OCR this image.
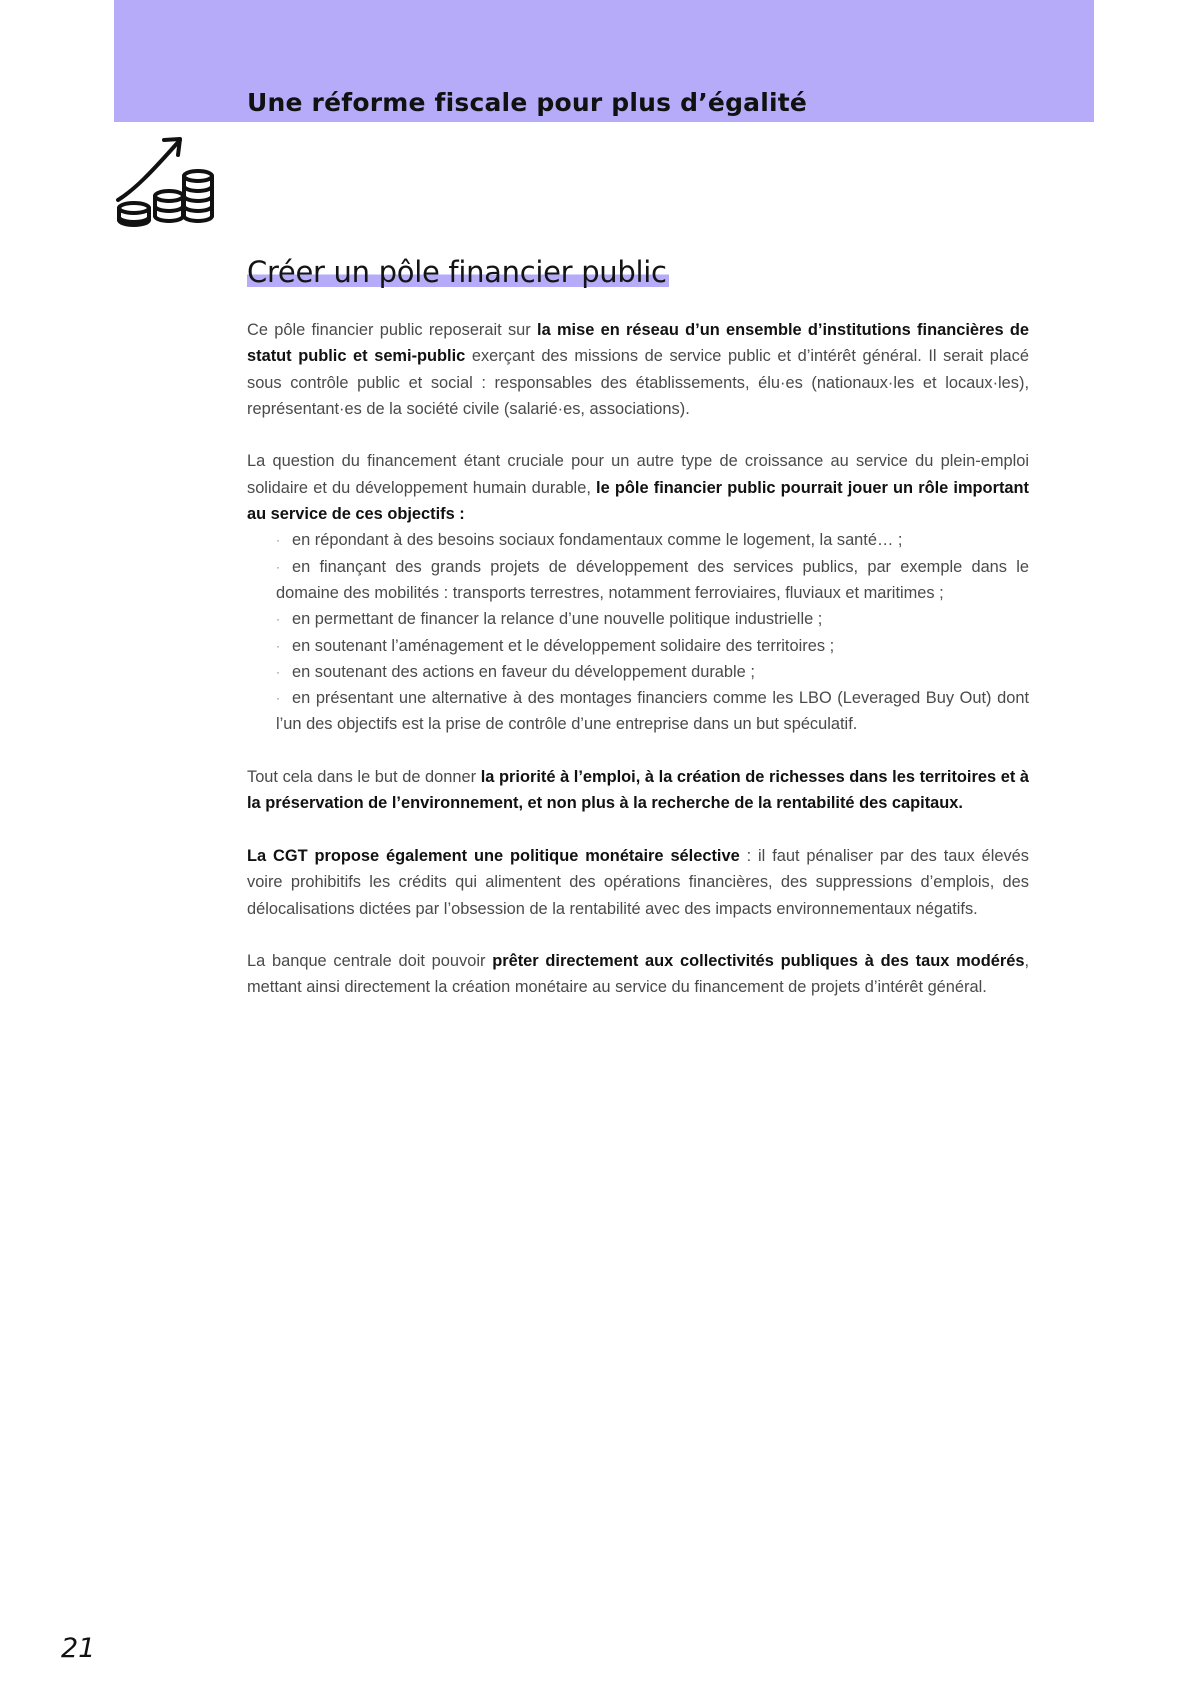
Une réforme fiscale pour plus d’égalité
Créer un pôle financier public

Ce pôle financier public reposerait sur la mise en réseau d’un ensemble d’institutions financières de statut public et semi-public exerçant des missions de service public et d’intérêt général. Il serait placé sous contrôle public et social : responsables des établissements, élu·es (nationaux·les et locaux·les), représentant·es de la société civile (salarié·es, associations).

La question du financement étant cruciale pour un autre type de croissance au service du plein-emploi solidaire et du développement humain durable, le pôle financier public pourrait jouer un rôle important au service de ces objectifs :

· en répondant à des besoins sociaux fondamentaux comme le logement, la santé… ;
· en finançant des grands projets de développement des services publics, par exemple dans le domaine des mobilités : transports terrestres, notamment ferroviaires, fluviaux et maritimes ;
· en permettant de financer la relance d’une nouvelle politique industrielle ;
· en soutenant l’aménagement et le développement solidaire des territoires ;
· en soutenant des actions en faveur du développement durable ;
· en présentant une alternative à des montages financiers comme les LBO (Leveraged Buy Out) dont l’un des objectifs est la prise de contrôle d’une entreprise dans un but spéculatif.

Tout cela dans le but de donner la priorité à l’emploi, à la création de richesses dans les territoires et à la préservation de l’environnement, et non plus à la recherche de la rentabilité des capitaux.

La CGT propose également une politique monétaire sélective : il faut pénaliser par des taux élevés voire prohibitifs les crédits qui alimentent des opérations financières, des suppressions d’emplois, des délocalisations dictées par l’obsession de la rentabilité avec des impacts environnementaux négatifs.

La banque centrale doit pouvoir prêter directement aux collectivités publiques à des taux modérés, mettant ainsi directement la création monétaire au service du financement de projets d’intérêt général.

21
